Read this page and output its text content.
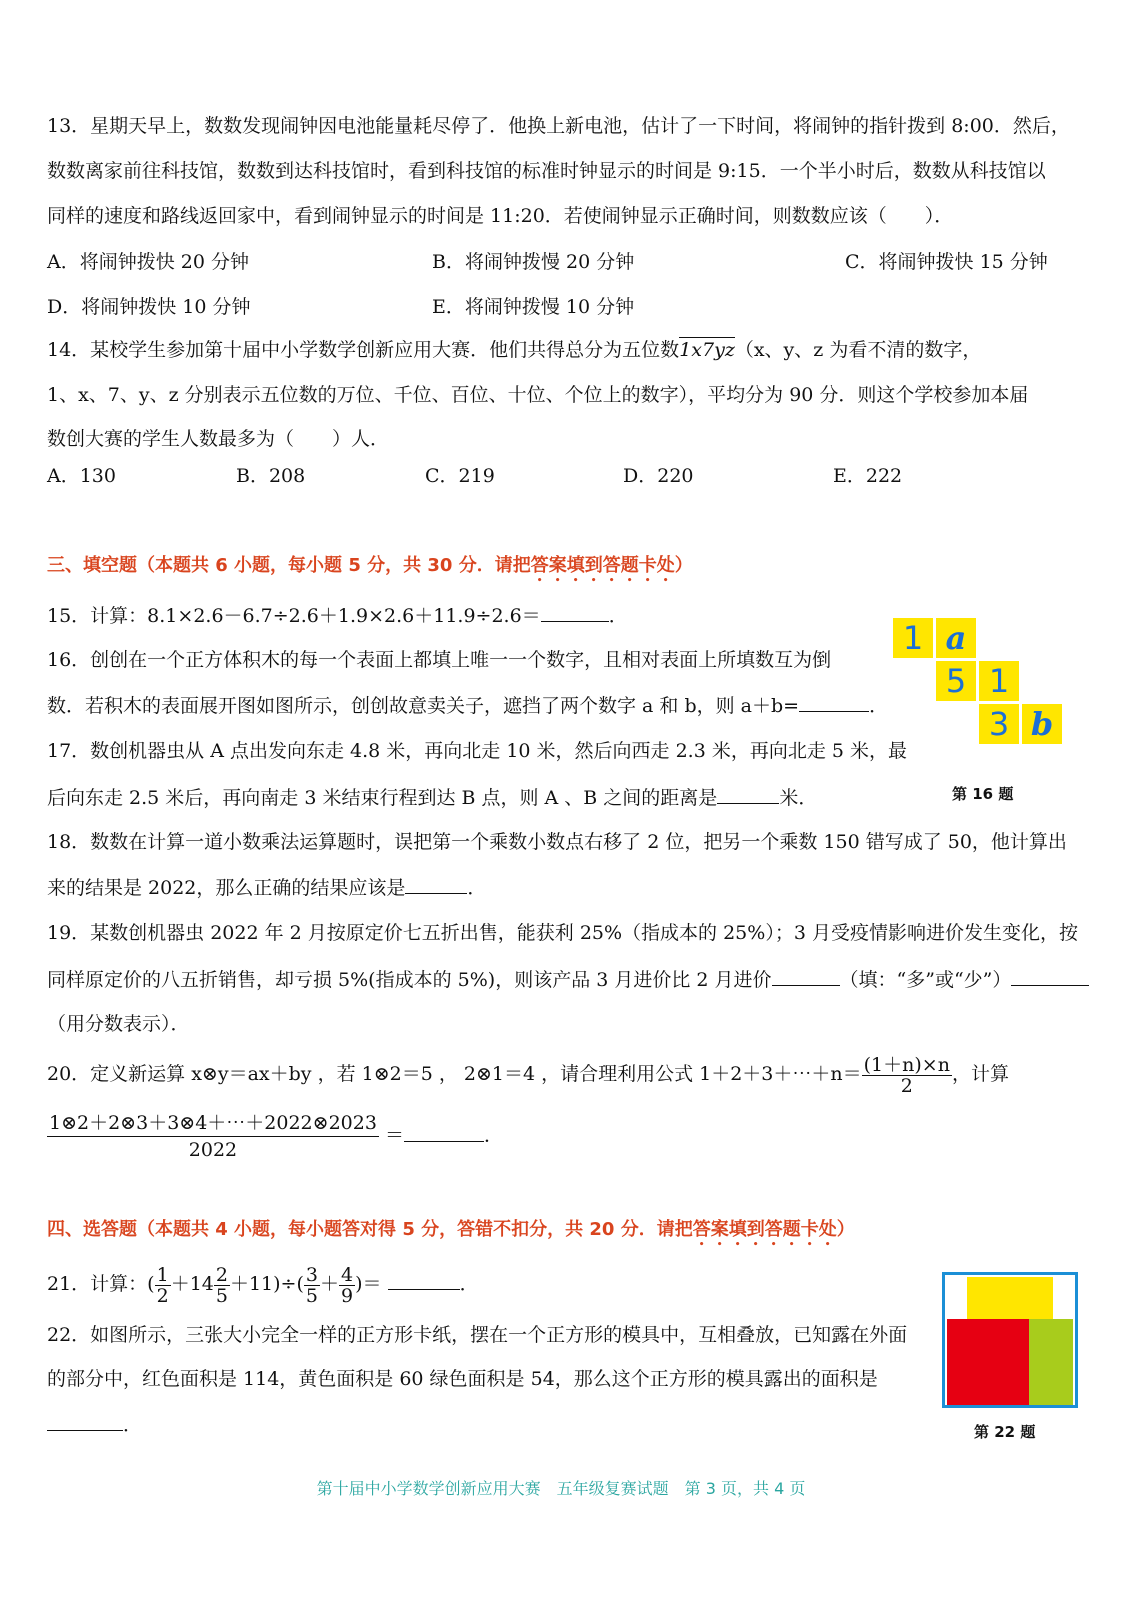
13．星期天早上，数数发现闹钟因电池能量耗尽停了．他换上新电池，估计了一下时间，将闹钟的指针拨到 8:00．然后，
数数离家前往科技馆，数数到达科技馆时，看到科技馆的标准时钟显示的时间是 9:15．一个半小时后，数数从科技馆以
同样的速度和路线返回家中，看到闹钟显示的时间是 11:20．若使闹钟显示正确时间，则数数应该（　　）．
A．将闹钟拨快 20 分钟	B．将闹钟拨慢 20 分钟	C．将闹钟拨快 15 分钟
D．将闹钟拨快 10 分钟	E．将闹钟拨慢 10 分钟
14．某校学生参加第十届中小学数学创新应用大赛．他们共得总分为五位数1x7yz（x、y、z 为看不清的数字，
1、x、7、y、z 分别表示五位数的万位、千位、百位、十位、个位上的数字），平均分为 90 分．则这个学校参加本届
数创大赛的学生人数最多为（　　）人．
A．130	B．208	C．219	D．220	E．222
三、填空题（本题共 6 小题，每小题 5 分，共 30 分．请把答案填到答题卡处）
15．计算：8.1×2.6－6.7÷2.6＋1.9×2.6＋11.9÷2.6＝	．
16．创创在一个正方体积木的每一个表面上都填上唯一一个数字，且相对表面上所填数互为倒
数．若积木的表面展开图如图所示，创创故意卖关子，遮挡了两个数字 a 和 b，则 a＋b=	．
1 a
5 1
3 b
第 16 题
17．数创机器虫从 A 点出发向东走 4.8 米，再向北走 10 米，然后向西走 2.3 米，再向北走 5 米，最
后向东走 2.5 米后，再向南走 3 米结束行程到达 B 点，则 A 、B 之间的距离是	米．
18．数数在计算一道小数乘法运算题时，误把第一个乘数小数点右移了 2 位，把另一个乘数 150 错写成了 50，他计算出
来的结果是 2022，那么正确的结果应该是	．
19．某数创机器虫 2022 年 2 月按原定价七五折出售，能获利 25%（指成本的 25%）；3 月受疫情影响进价发生变化，按
同样原定价的八五折销售，却亏损 5%(指成本的 5%)，则该产品 3 月进价比 2 月进价	（填：“多”或“少”）
（用分数表示）．
20．定义新运算 x⊗y＝ax＋by ，若 1⊗2＝5 ， 2⊗1＝4 ，请合理利用公式 1＋2＋3＋⋯＋n＝ $\frac{(1+n)\times n}{2}$ ，计算
$\frac{1\otimes 2+2\otimes 3+3\otimes 4+\cdots+2022\otimes 2023}{2022}$ ＝	．
四、选答题（本题共 4 小题，每小题答对得 5 分，答错不扣分，共 20 分．请把答案填到答题卡处）
21．计算：( $\frac{1}{2} +14 \frac{2}{5} +11)\div( \frac{3}{5} + \frac{4}{9}$ )＝	．
22．如图所示，三张大小完全一样的正方形卡纸，摆在一个正方形的模具中，互相叠放，已知露在外面
的部分中，红色面积是 114，黄色面积是 60 绿色面积是 54，那么这个正方形的模具露出的面积是
．	第 22 题
第十届中小学数学创新应用大赛　五年级复赛试题　第 3 页，共 4 页
